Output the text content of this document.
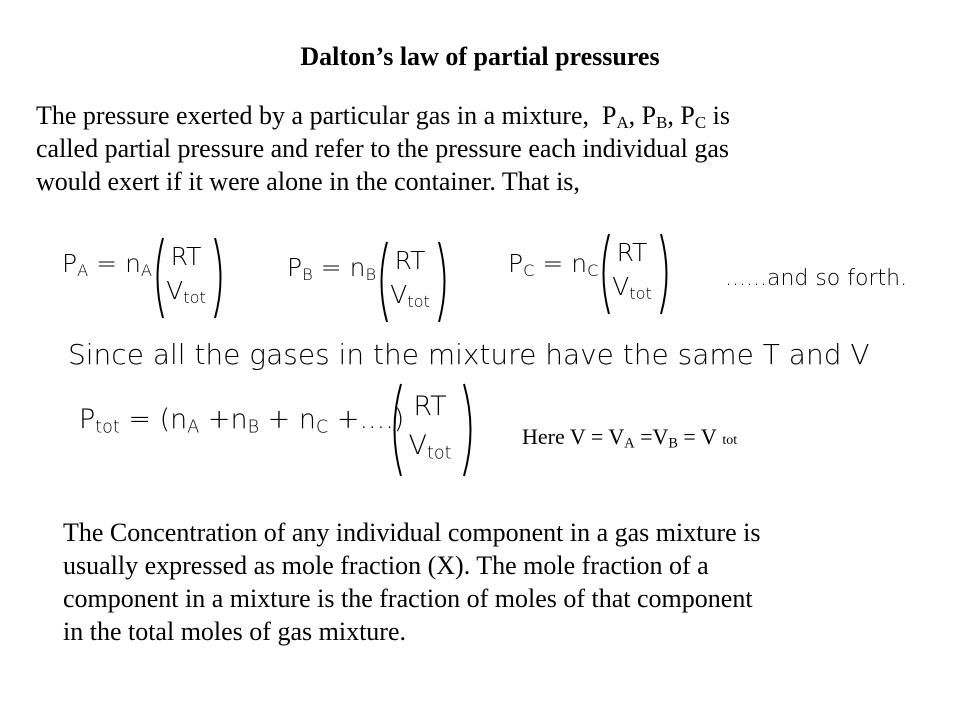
Dalton’s law of partial pressures
The pressure exerted by a particular gas in a mixture, $P_A$, $P_B$, $P_C$ is
called partial pressure and refer to the pressure each individual gas
would exert if it were alone in the container. That is,
$P_A = n_A$ RT
$V_{tot}$
$P_B = n_B$ RT
$V_{tot}$
$P_C = n_C$
RT
$V_{tot}$
......and so forth.
Since all the gases in the mixture have the same T and V
$P_{tot} = (n_A +n_B + n_C$ +....) RT
$V_{tot}$
Here $V = V_A =V_B = V$ tot
The Concentration of any individual component in a gas mixture is
usually expressed as mole fraction (X). The mole fraction of a
component in a mixture is the fraction of moles of that component
in the total moles of gas mixture.
